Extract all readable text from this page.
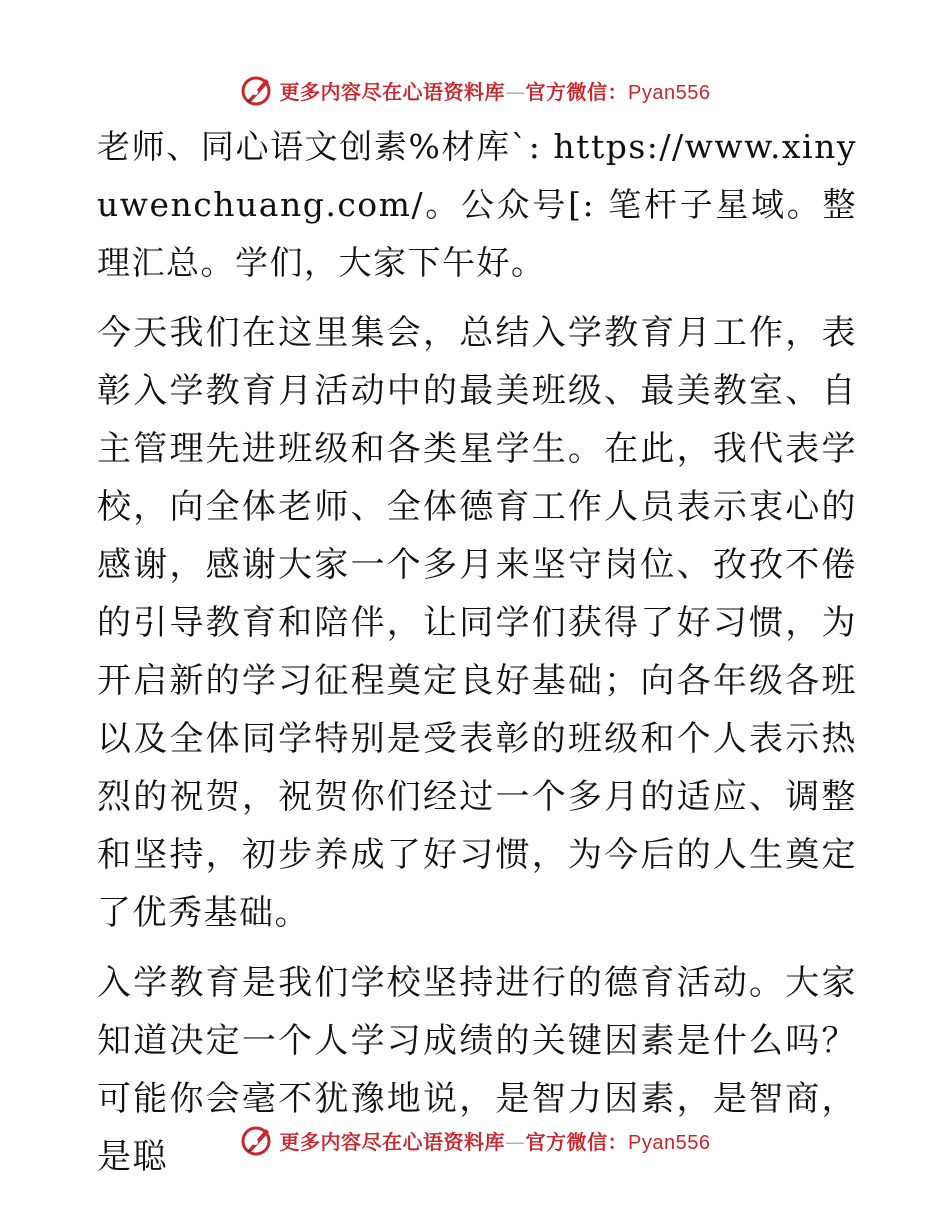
更多内容尽在心语资料库—官方微信：Pyan556

老师、同心语文创素%材库`: https://www.xinyuwenchuang.com/。公众号[: 笔杆子星域。整理汇总。学们，大家下午好。

今天我们在这里集会，总结入学教育月工作，表彰入学教育月活动中的最美班级、最美教室、自主管理先进班级和各类星学生。在此，我代表学校，向全体老师、全体德育工作人员表示衷心的感谢，感谢大家一个多月来坚守岗位、孜孜不倦的引导教育和陪伴，让同学们获得了好习惯，为开启新的学习征程奠定良好基础；向各年级各班以及全体同学特别是受表彰的班级和个人表示热烈的祝贺，祝贺你们经过一个多月的适应、调整和坚持，初步养成了好习惯，为今后的人生奠定了优秀基础。

入学教育是我们学校坚持进行的德育活动。大家知道决定一个人学习成绩的关键因素是什么吗？可能你会毫不犹豫地说，是智力因素，是智商，是聪	更多内容尽在心语资料库—官方微信：Pyan556
